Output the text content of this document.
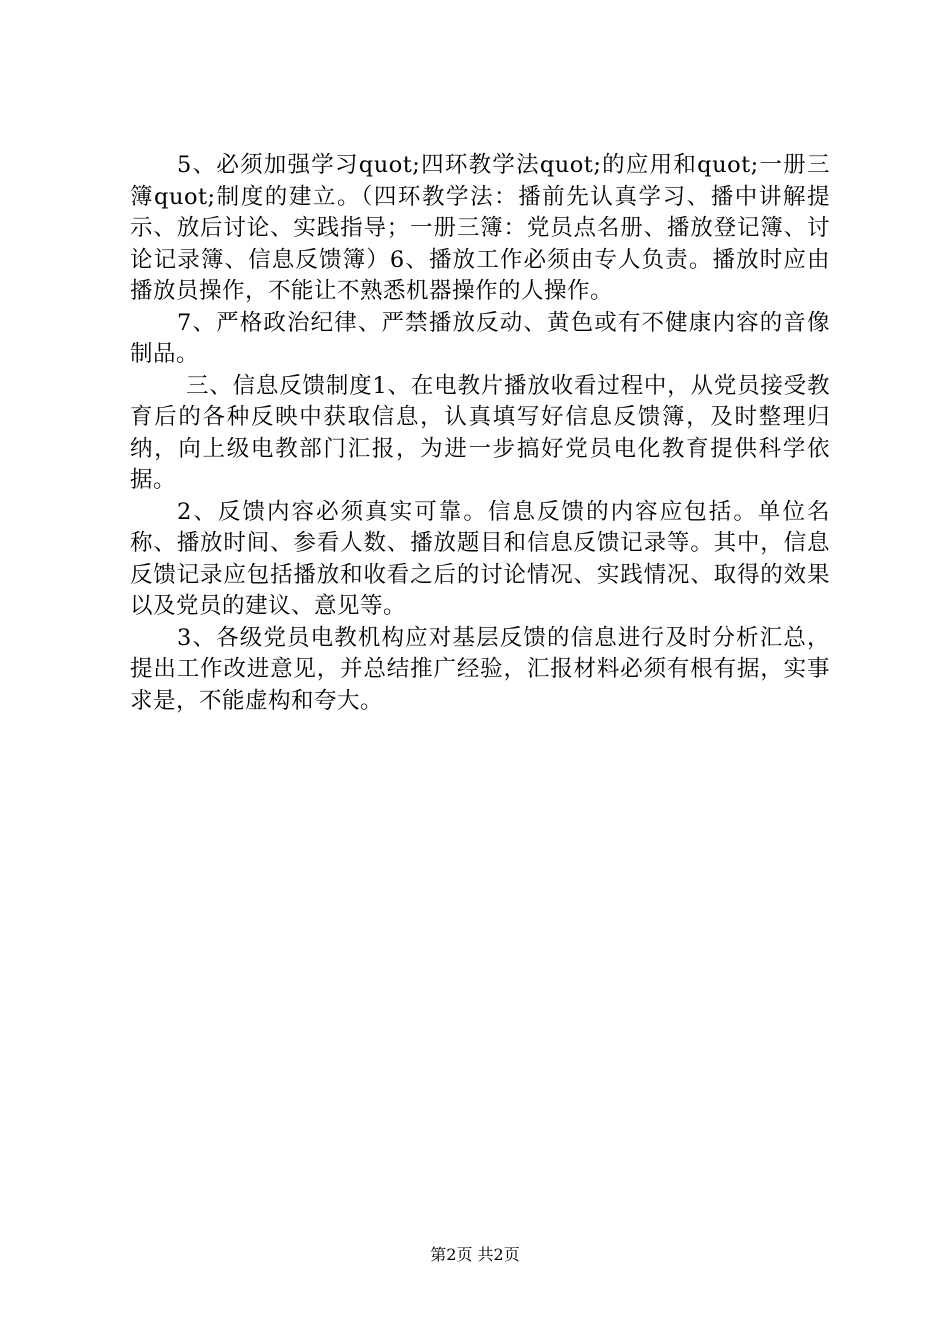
5、必须加强学习quot;四环教学法quot;的应用和quot;一册三簿quot;制度的建立。（四环教学法：播前先认真学习、播中讲解提示、放后讨论、实践指导；一册三簿：党员点名册、播放登记簿、讨论记录簿、信息反馈簿）6、播放工作必须由专人负责。播放时应由播放员操作，不能让不熟悉机器操作的人操作。

7、严格政治纪律、严禁播放反动、黄色或有不健康内容的音像制品。

三、信息反馈制度1、在电教片播放收看过程中，从党员接受教育后的各种反映中获取信息，认真填写好信息反馈簿，及时整理归纳，向上级电教部门汇报，为进一步搞好党员电化教育提供科学依据。

2、反馈内容必须真实可靠。信息反馈的内容应包括。单位名称、播放时间、参看人数、播放题目和信息反馈记录等。其中，信息反馈记录应包括播放和收看之后的讨论情况、实践情况、取得的效果以及党员的建议、意见等。

3、各级党员电教机构应对基层反馈的信息进行及时分析汇总，提出工作改进意见，并总结推广经验，汇报材料必须有根有据，实事求是，不能虚构和夸大。

第2页 共2页
